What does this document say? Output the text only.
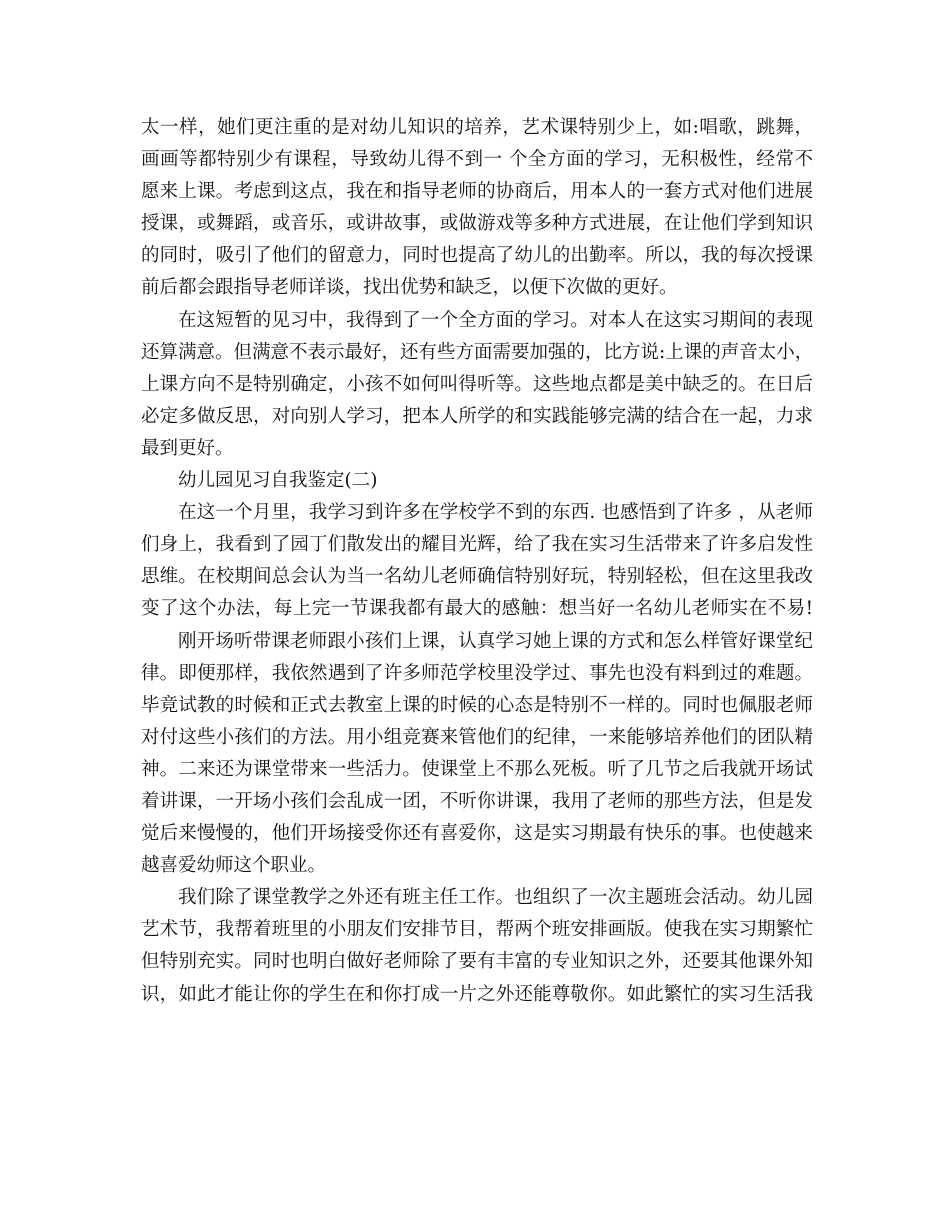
太一样，她们更注重的是对幼儿知识的培养，艺术课特别少上，如:唱歌，跳舞，
画画等都特别少有课程，导致幼儿得不到一 个全方面的学习，无积极性，经常不
愿来上课。考虑到这点，我在和指导老师的协商后，用本人的一套方式对他们进展
授课，或舞蹈，或音乐，或讲故事，或做游戏等多种方式进展，在让他们学到知识
的同时，吸引了他们的留意力，同时也提高了幼儿的出勤率。所以，我的每次授课
前后都会跟指导老师详谈，找出优势和缺乏，以便下次做的更好。
在这短暂的见习中，我得到了一个全方面的学习。对本人在这实习期间的表现
还算满意。但满意不表示最好，还有些方面需要加强的，比方说:上课的声音太小，
上课方向不是特别确定，小孩不如何叫得听等。这些地点都是美中缺乏的。在日后
必定多做反思，对向别人学习，把本人所学的和实践能够完满的结合在一起，力求
最到更好。
幼儿园见习自我鉴定(二)
在这一个月里，我学习到许多在学校学不到的东西. 也感悟到了许多 ，从老师
们身上，我看到了园丁们散发出的耀目光辉，给了我在实习生活带来了许多启发性
思维。在校期间总会认为当一名幼儿老师确信特别好玩，特别轻松，但在这里我改
变了这个办法，每上完一节课我都有最大的感触：想当好一名幼儿老师实在不易!
刚开场听带课老师跟小孩们上课，认真学习她上课的方式和怎么样管好课堂纪
律。即便那样，我依然遇到了许多师范学校里没学过、事先也没有料到过的难题。
毕竟试教的时候和正式去教室上课的时候的心态是特别不一样的。同时也佩服老师
对付这些小孩们的方法。用小组竞赛来管他们的纪律，一来能够培养他们的团队精
神。二来还为课堂带来一些活力。使课堂上不那么死板。听了几节之后我就开场试
着讲课，一开场小孩们会乱成一团，不听你讲课，我用了老师的那些方法，但是发
觉后来慢慢的，他们开场接受你还有喜爱你，这是实习期最有快乐的事。也使越来
越喜爱幼师这个职业。
我们除了课堂教学之外还有班主任工作。也组织了一次主题班会活动。幼儿园
艺术节，我帮着班里的小朋友们安排节目，帮两个班安排画版。使我在实习期繁忙
但特别充实。同时也明白做好老师除了要有丰富的专业知识之外，还要其他课外知
识，如此才能让你的学生在和你打成一片之外还能尊敬你。如此繁忙的实习生活我
